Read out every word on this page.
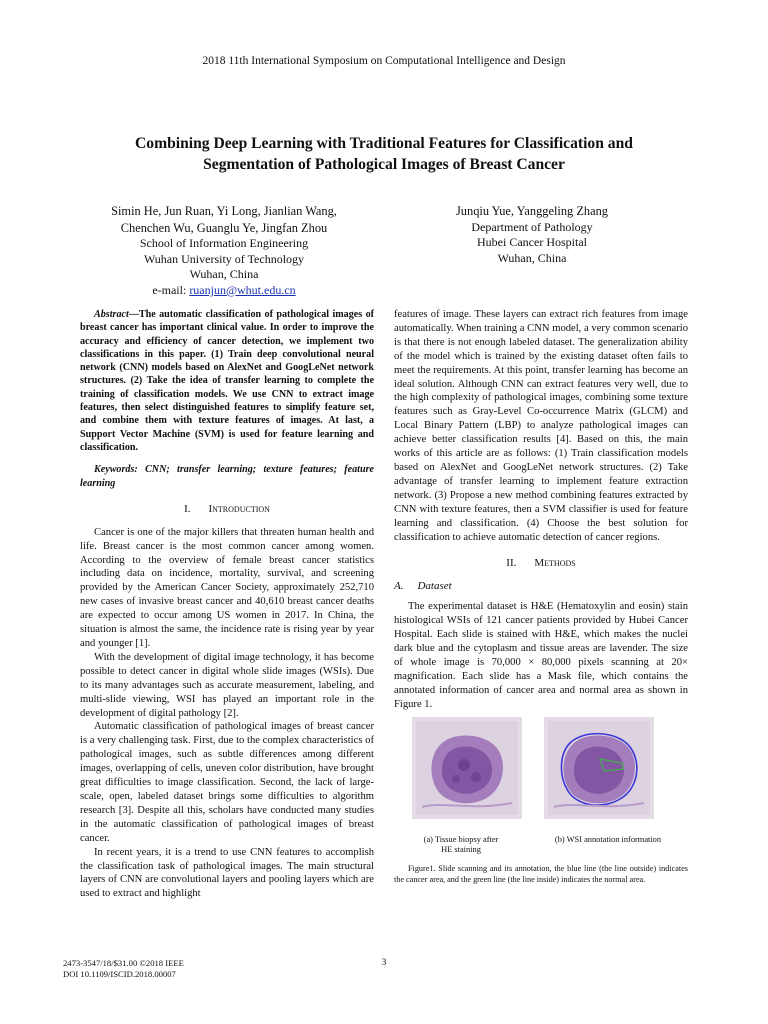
2018 11th International Symposium on Computational Intelligence and Design
Combining Deep Learning with Traditional Features for Classification and
Segmentation of Pathological Images of Breast Cancer
Simin He, Jun Ruan, Yi Long, Jianlian Wang,
Chenchen Wu, Guanglu Ye, Jingfan Zhou
School of Information Engineering
Wuhan University of Technology
Wuhan, China
e-mail: ruanjun@whut.edu.cn
Junqiu Yue, Yanggeling Zhang
Department of Pathology
Hubei Cancer Hospital
Wuhan, China

Abstract—The automatic classification of pathological images of breast cancer has important clinical value. In order to improve the accuracy and efficiency of cancer detection, we implement two classifications in this paper. (1) Train deep convolutional neural network (CNN) models based on AlexNet and GoogLeNet network structures. (2) Take the idea of transfer learning to complete the training of classification models. We use CNN to extract image features, then select distinguished features to simplify feature set, and combine them with texture features of images. At last, a Support Vector Machine (SVM) is used for feature learning and classification.

Keywords: CNN; transfer learning; texture features; feature learning

I. Introduction

Cancer is one of the major killers that threaten human health and life. Breast cancer is the most common cancer among women. According to the overview of female breast cancer statistics including data on incidence, mortality, survival, and screening provided by the American Cancer Society, approximately 252,710 new cases of invasive breast cancer and 40,610 breast cancer deaths are expected to occur among US women in 2017. In China, the situation is almost the same, the incidence rate is rising year by year and younger [1].

With the development of digital image technology, it has become possible to detect cancer in digital whole slide images (WSIs). Due to its many advantages such as accurate measurement, labeling, and multi-slide viewing, WSI has played an important role in the development of digital pathology [2].

Automatic classification of pathological images of breast cancer is a very challenging task. First, due to the complex characteristics of pathological images, such as subtle differences among different images, overlapping of cells, uneven color distribution, have brought great difficulties to image classification. Second, the lack of large-scale, open, labeled dataset brings some difficulties to algorithm research [3]. Despite all this, scholars have conducted many studies in the automatic classification of pathological images of breast cancer.

In recent years, it is a trend to use CNN features to accomplish the classification task of pathological images. The main structural layers of CNN are convolutional layers and pooling layers which are used to extract and highlight

features of image. These layers can extract rich features from image automatically. When training a CNN model, a very common scenario is that there is not enough labeled dataset. The generalization ability of the model which is trained by the existing dataset often fails to meet the requirements. At this point, transfer learning has become an ideal solution. Although CNN can extract features very well, due to the high complexity of pathological images, combining some texture features such as Gray-Level Co-occurrence Matrix (GLCM) and Local Binary Pattern (LBP) to analyze pathological images can achieve better classification results [4]. Based on this, the main works of this article are as follows: (1) Train classification models based on AlexNet and GoogLeNet network structures. (2) Take advantage of transfer learning to implement feature extraction network. (3) Propose a new method combining features extracted by CNN with texture features, then a SVM classifier is used for feature learning and classification. (4) Choose the best solution for classification to achieve automatic detection of cancer regions.

II. Methods

A. Dataset

The experimental dataset is H&E (Hematoxylin and eosin) stain histological WSIs of 121 cancer patients provided by Hubei Cancer Hospital. Each slide is stained with H&E, which makes the nuclei dark blue and the cytoplasm and tissue areas are lavender. The size of whole image is 70,000 × 80,000 pixels scanning at 20× magnification. Each slide has a Mask file, which contains the annotated information of cancer area and normal area as shown in Figure 1.

(a) Tissue biopsy after
HE staining
(b) WSI annotation information

Figure1. Slide scanning and its annotation, the blue line (the line outside) indicates the cancer area, and the green line (the line inside) indicates the normal area.

2473-3547/18/$31.00 ©2018 IEEE
DOI 10.1109/ISCID.2018.00007
3
